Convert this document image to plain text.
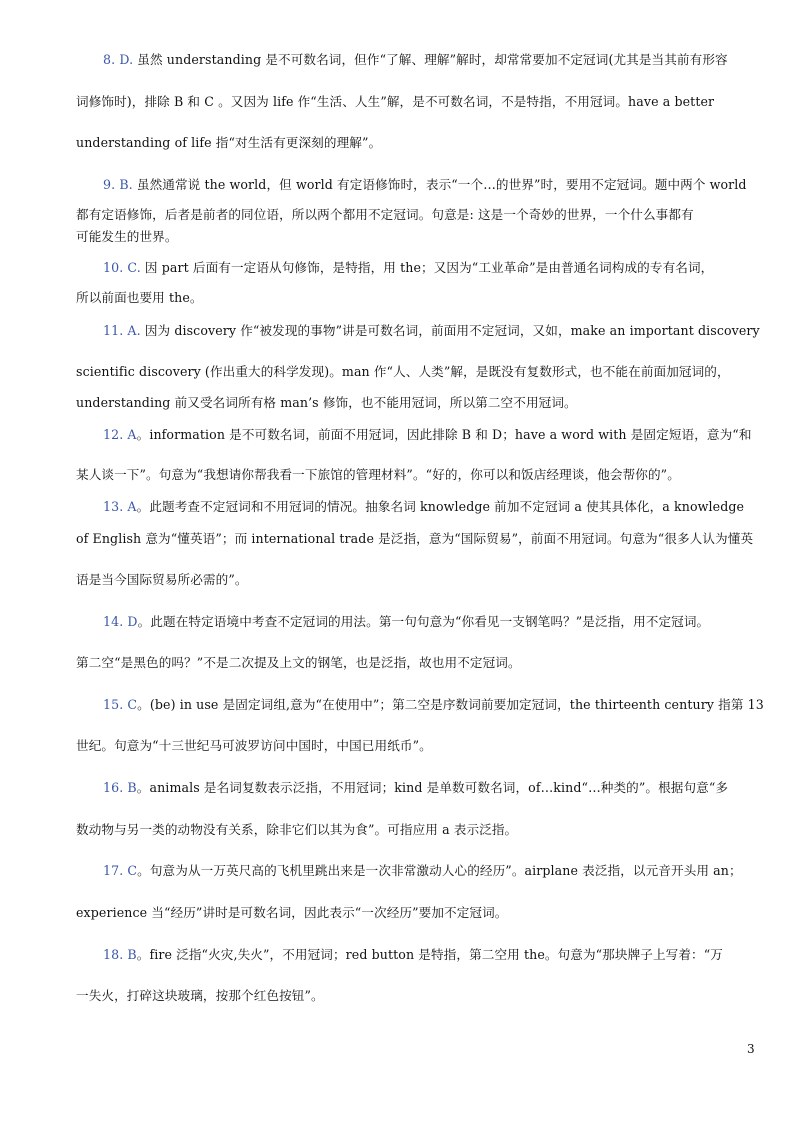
8. D. 虽然 understanding 是不可数名词，但作“了解、理解”解时，却常常要加不定冠词(尤其是当其前有形容
词修饰时)，排除 B 和 C 。又因为 life 作“生活、人生”解，是不可数名词，不是特指，不用冠词。have a better
understanding of life 指“对生活有更深刻的理解”。
9. B. 虽然通常说 the world，但 world 有定语修饰时，表示“一个…的世界”时，要用不定冠词。题中两个 world
都有定语修饰，后者是前者的同位语，所以两个都用不定冠词。句意是: 这是一个奇妙的世界，一个什么事都有
可能发生的世界。
10. C. 因 part 后面有一定语从句修饰，是特指，用 the；又因为“工业革命”是由普通名词构成的专有名词，
所以前面也要用 the。
11. A. 因为 discovery 作“被发现的事物”讲是可数名词，前面用不定冠词，又如，make an important discovery
scientific discovery (作出重大的科学发现)。man 作“人、人类”解，是既没有复数形式，也不能在前面加冠词的，
understanding 前又受名词所有格 man’s 修饰，也不能用冠词，所以第二空不用冠词。
12. A。information 是不可数名词，前面不用冠词，因此排除 B 和 D；have a word with 是固定短语，意为“和
某人谈一下”。句意为“我想请你帮我看一下旅馆的管理材料”。“好的，你可以和饭店经理谈，他会帮你的”。
13. A。此题考查不定冠词和不用冠词的情况。抽象名词 knowledge 前加不定冠词 a 使其具体化，a knowledge
of English 意为“懂英语”；而 international trade 是泛指，意为“国际贸易”，前面不用冠词。句意为“很多人认为懂英
语是当今国际贸易所必需的”。
14. D。此题在特定语境中考查不定冠词的用法。第一句句意为“你看见一支钢笔吗？”是泛指，用不定冠词。
第二空“是黑色的吗？”不是二次提及上文的钢笔，也是泛指，故也用不定冠词。
15. C。(be) in use 是固定词组,意为“在使用中”；第二空是序数词前要加定冠词，the thirteenth century 指第 13
世纪。句意为“十三世纪马可波罗访问中国时，中国已用纸币”。
16. B。animals 是名词复数表示泛指，不用冠词；kind 是单数可数名词，of…kind“…种类的”。根据句意“多
数动物与另一类的动物没有关系，除非它们以其为食”。可指应用 a 表示泛指。
17. C。句意为从一万英尺高的飞机里跳出来是一次非常激动人心的经历”。airplane 表泛指，以元音开头用 an；
experience 当“经历”讲时是可数名词，因此表示“一次经历”要加不定冠词。
18. B。fire 泛指“火灾,失火”，不用冠词；red button 是特指，第二空用 the。句意为“那块牌子上写着：“万
一失火，打碎这块玻璃，按那个红色按钮”。
3
